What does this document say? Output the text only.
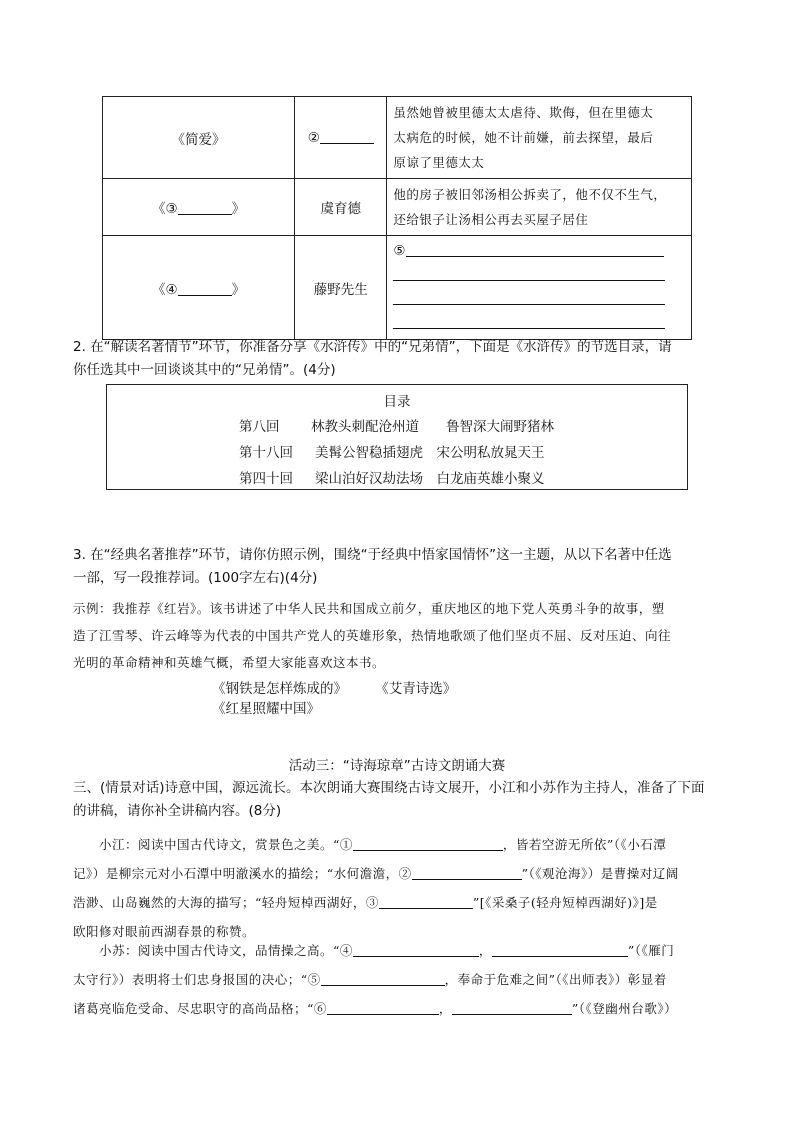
《简爱》	②	虽然她曾被里德太太虐待、欺侮，但在里德太
太病危的时候，她不计前嫌，前去探望，最后
原谅了里德太太

《③ 》	虞育德	他的房子被旧邻汤相公拆卖了，他不仅不生气，
还给银子让汤相公再去买屋子居住

《④ 》	藤野先生	⑤
2. 在“解读名著情节”环节，你准备分享《水浒传》中的“兄弟情”，下面是《水浒传》的节选目录，请
你任选其中一回谈谈其中的“兄弟情”。(4分)
目录
第八回 林教头刺配沧州道　　鲁智深大闹野猪林
第十八回 美髯公智稳插翅虎　宋公明私放晁天王
第四十回 梁山泊好汉劫法场　白龙庙英雄小聚义
3. 在“经典名著推荐”环节，请你仿照示例，围绕“于经典中悟家国情怀”这一主题，从以下名著中任选
一部，写一段推荐词。(100字左右)(4分)
示例：我推荐《红岩》。该书讲述了中华人民共和国成立前夕，重庆地区的地下党人英勇斗争的故事，塑
造了江雪琴、许云峰等为代表的中国共产党人的英雄形象，热情地歌颂了他们坚贞不屈、反对压迫、向往
光明的革命精神和英雄气概，希望大家能喜欢这本书。
《钢铁是怎样炼成的》 《艾青诗选》 《红星照耀中国》
活动三：“诗海琼章”古诗文朗诵大赛
三、(情景对话)诗意中国，源远流长。本次朗诵大赛围绕古诗文展开，小江和小苏作为主持人，准备了下面
的讲稿，请你补全讲稿内容。(8分)
小江：阅读中国古代诗文，赏景色之美。“①	，皆若空游无所依”（《小石潭
记》）是柳宗元对小石潭中明澈溪水的描绘；“水何澹澹，②	”（《观沧海》）是曹操对辽阔
浩渺、山岛巍然的大海的描写；“轻舟短棹西湖好，③	”[《采桑子(轻舟短棹西湖好)》]是
欧阳修对眼前西湖春景的称赞。
小苏：阅读中国古代诗文，品情操之高。“④	，	”（《雁门
太守行》）表明将士们忠身报国的决心；“⑤	，奉命于危难之间”（《出师表》）彰显着
诸葛亮临危受命、尽忠职守的高尚品格；“⑥	，	”（《登幽州台歌》）
